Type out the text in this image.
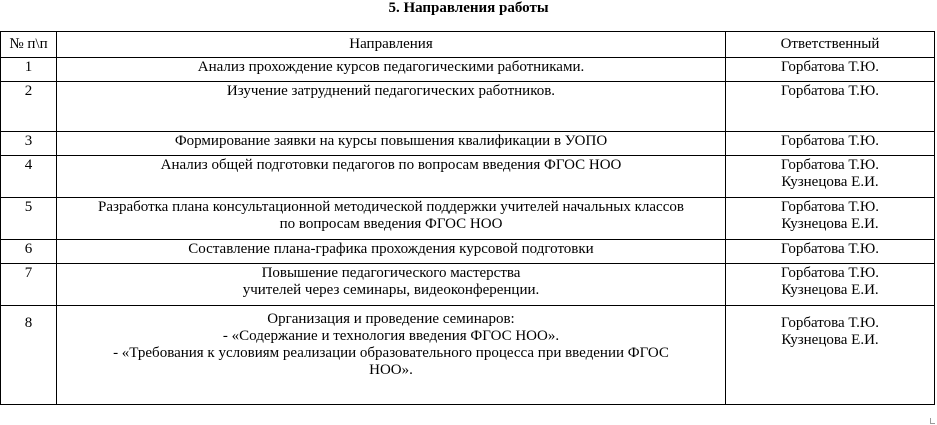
5. Направления работы
№ п\п	Направления	Ответственный
1	Анализ прохождение курсов педагогическими работниками.	Горбатова Т.Ю.

2	Изучение затруднений педагогических работников.	Горбатова Т.Ю.

3	Формирование заявки на курсы повышения квалификации в УОПО	Горбатова Т.Ю.

4	Анализ общей подготовки педагогов по вопросам введения ФГОС НОО	Горбатова Т.Ю.
Кузнецова Е.И.

5	Разработка плана консультационной методической поддержки учителей начальных классов
по вопросам введения ФГОС НОО	Горбатова Т.Ю.
Кузнецова Е.И.

6	Составление плана-графика прохождения курсовой подготовки	Горбатова Т.Ю.

7	Повышение педагогического мастерства
учителей через семинары, видеоконференции.	Горбатова Т.Ю.
Кузнецова Е.И.

8	Организация и проведение семинаров:
- «Содержание и технология введения ФГОС НОО».
- «Требования к условиям реализации образовательного процесса при введении ФГОС
НОО».	Горбатова Т.Ю.
Кузнецова Е.И.
